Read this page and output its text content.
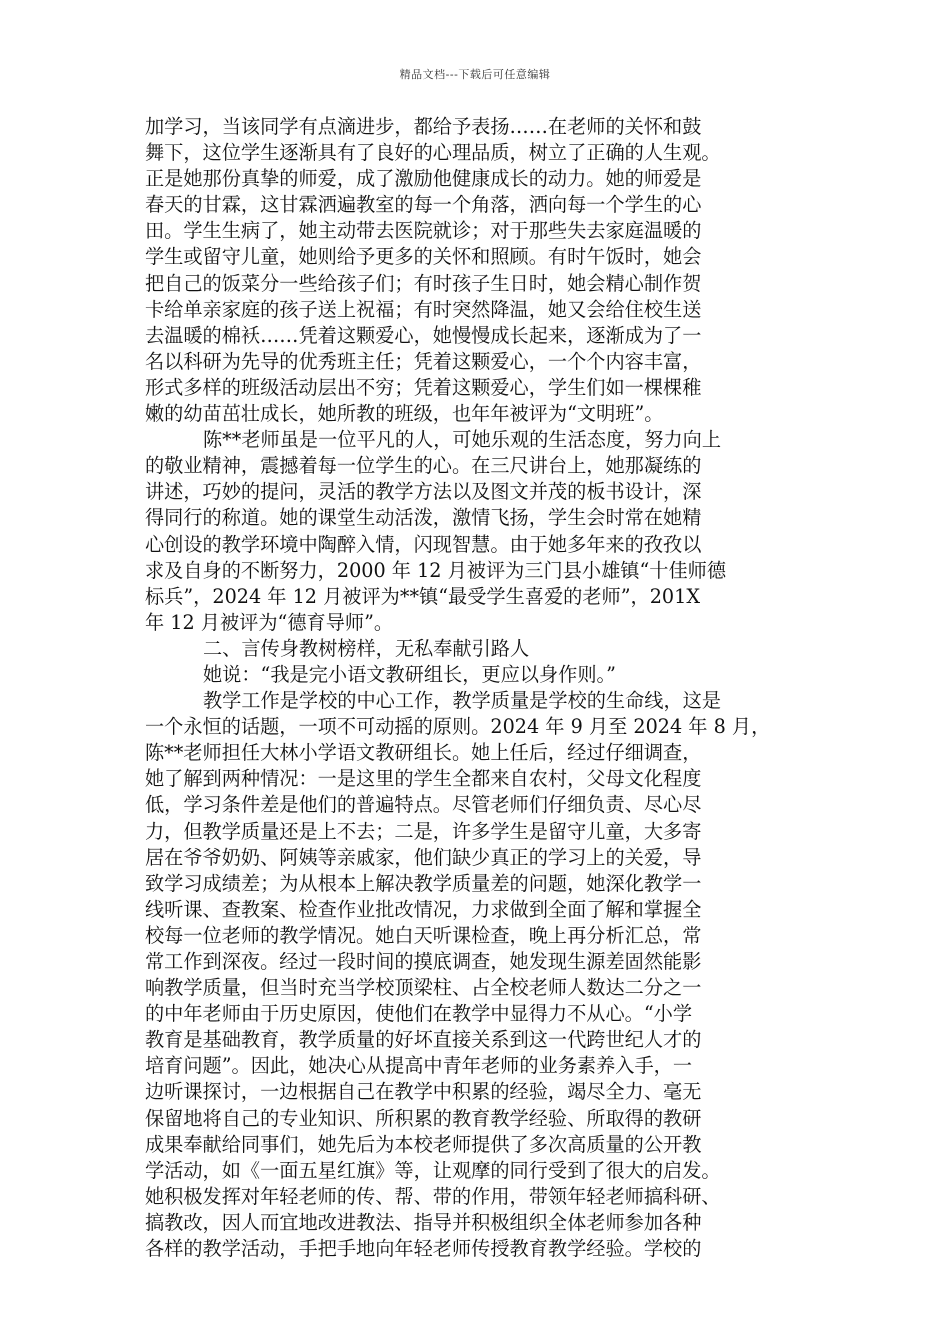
精品文档---下载后可任意编辑
加学习，当该同学有点滴进步，都给予表扬……在老师的关怀和鼓
舞下，这位学生逐渐具有了良好的心理品质，树立了正确的人生观。
正是她那份真挚的师爱，成了激励他健康成长的动力。她的师爱是
春天的甘霖，这甘霖洒遍教室的每一个角落，洒向每一个学生的心
田。学生生病了，她主动带去医院就诊；对于那些失去家庭温暖的
学生或留守儿童，她则给予更多的关怀和照顾。有时午饭时，她会
把自己的饭菜分一些给孩子们；有时孩子生日时，她会精心制作贺
卡给单亲家庭的孩子送上祝福；有时突然降温，她又会给住校生送
去温暖的棉袄……凭着这颗爱心，她慢慢成长起来，逐渐成为了一
名以科研为先导的优秀班主任；凭着这颗爱心，一个个内容丰富，
形式多样的班级活动层出不穷；凭着这颗爱心，学生们如一棵棵稚
嫩的幼苗茁壮成长，她所教的班级，也年年被评为“文明班”。
陈**老师虽是一位平凡的人，可她乐观的生活态度，努力向上
的敬业精神，震撼着每一位学生的心。在三尺讲台上，她那凝练的
讲述，巧妙的提问，灵活的教学方法以及图文并茂的板书设计，深
得同行的称道。她的课堂生动活泼，激情飞扬，学生会时常在她精
心创设的教学环境中陶醉入情，闪现智慧。由于她多年来的孜孜以
求及自身的不断努力，2000 年 12 月被评为三门县小雄镇“十佳师德
标兵”，2024 年 12 月被评为**镇“最受学生喜爱的老师”，201X
年 12 月被评为“德育导师”。
二、言传身教树榜样，无私奉献引路人
她说：“我是完小语文教研组长，更应以身作则。”
教学工作是学校的中心工作，教学质量是学校的生命线，这是
一个永恒的话题，一项不可动摇的原则。2024 年 9 月至 2024 年 8 月，
陈**老师担任大林小学语文教研组长。她上任后，经过仔细调查，
她了解到两种情况：一是这里的学生全都来自农村，父母文化程度
低，学习条件差是他们的普遍特点。尽管老师们仔细负责、尽心尽
力，但教学质量还是上不去；二是，许多学生是留守儿童，大多寄
居在爷爷奶奶、阿姨等亲戚家，他们缺少真正的学习上的关爱，导
致学习成绩差；为从根本上解决教学质量差的问题，她深化教学一
线听课、查教案、检查作业批改情况，力求做到全面了解和掌握全
校每一位老师的教学情况。她白天听课检查，晚上再分析汇总，常
常工作到深夜。经过一段时间的摸底调查，她发现生源差固然能影
响教学质量，但当时充当学校顶梁柱、占全校老师人数达二分之一
的中年老师由于历史原因，使他们在教学中显得力不从心。“小学
教育是基础教育，教学质量的好坏直接关系到这一代跨世纪人才的
培育问题”。因此，她决心从提高中青年老师的业务素养入手，一
边听课探讨，一边根据自己在教学中积累的经验，竭尽全力、毫无
保留地将自己的专业知识、所积累的教育教学经验、所取得的教研
成果奉献给同事们，她先后为本校老师提供了多次高质量的公开教
学活动，如《一面五星红旗》等，让观摩的同行受到了很大的启发。
她积极发挥对年轻老师的传、帮、带的作用，带领年轻老师搞科研、
搞教改，因人而宜地改进教法、指导并积极组织全体老师参加各种
各样的教学活动，手把手地向年轻老师传授教育教学经验。学校的
